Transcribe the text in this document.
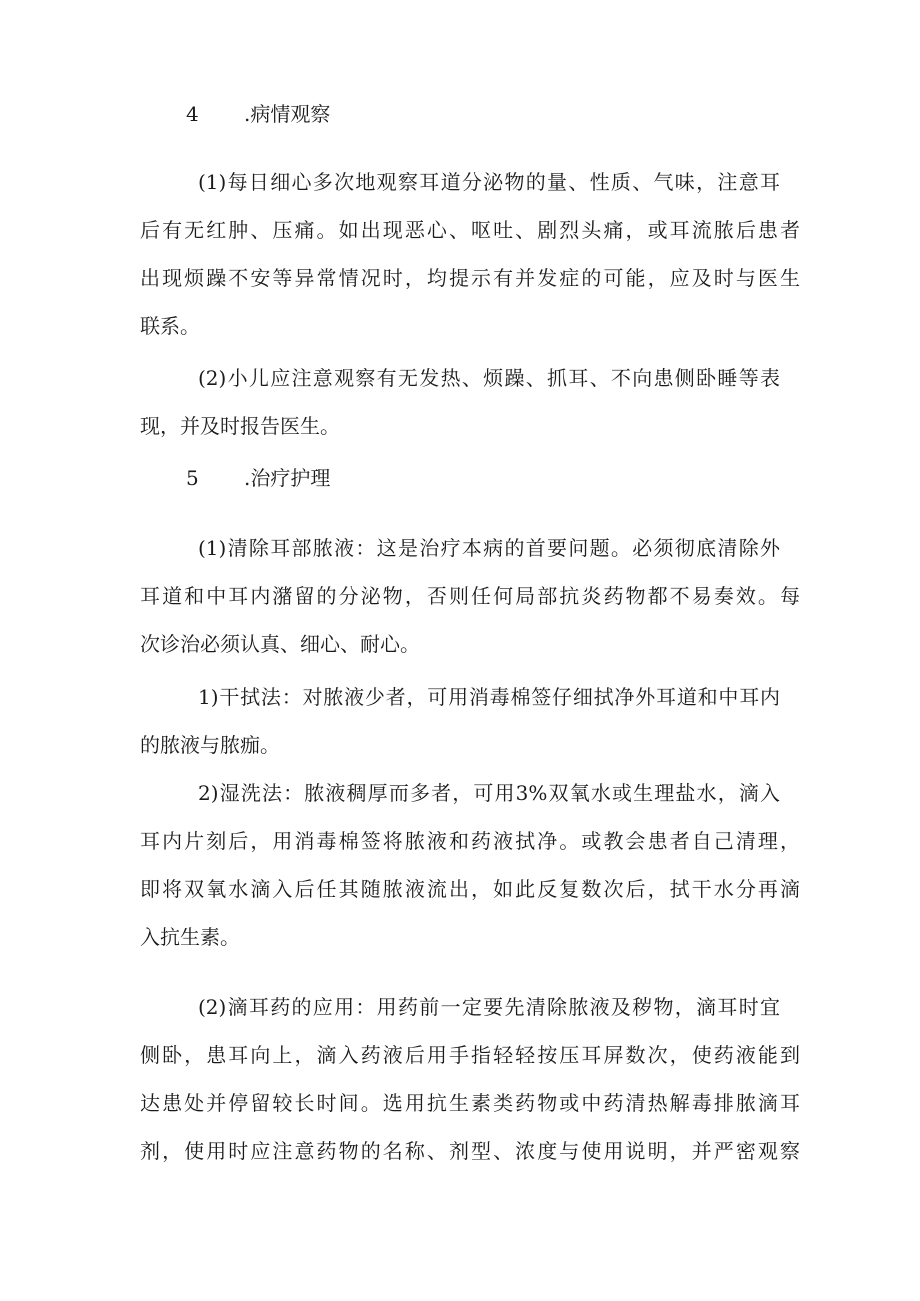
4 .病情观察
(1)每日细心多次地观察耳道分泌物的量、性质、气味，注意耳
后有无红肿、压痛。如出现恶心、呕吐、剧烈头痛，或耳流脓后患者
出现烦躁不安等异常情况时，均提示有并发症的可能，应及时与医生
联系。
(2)小儿应注意观察有无发热、烦躁、抓耳、不向患侧卧睡等表
现，并及时报告医生。
5 .治疗护理
(1)清除耳部脓液：这是治疗本病的首要问题。必须彻底清除外
耳道和中耳内潴留的分泌物，否则任何局部抗炎药物都不易奏效。每
次诊治必须认真、细心、耐心。
1)干拭法：对脓液少者，可用消毒棉签仔细拭净外耳道和中耳内
的脓液与脓痂。
2)湿洗法：脓液稠厚而多者，可用3%双氧水或生理盐水，滴入
耳内片刻后，用消毒棉签将脓液和药液拭净。或教会患者自己清理，
即将双氧水滴入后任其随脓液流出，如此反复数次后，拭干水分再滴
入抗生素。
(2)滴耳药的应用：用药前一定要先清除脓液及秽物，滴耳时宜
侧卧，患耳向上，滴入药液后用手指轻轻按压耳屏数次，使药液能到
达患处并停留较长时间。选用抗生素类药物或中药清热解毒排脓滴耳
剂，使用时应注意药物的名称、剂型、浓度与使用说明，并严密观察
